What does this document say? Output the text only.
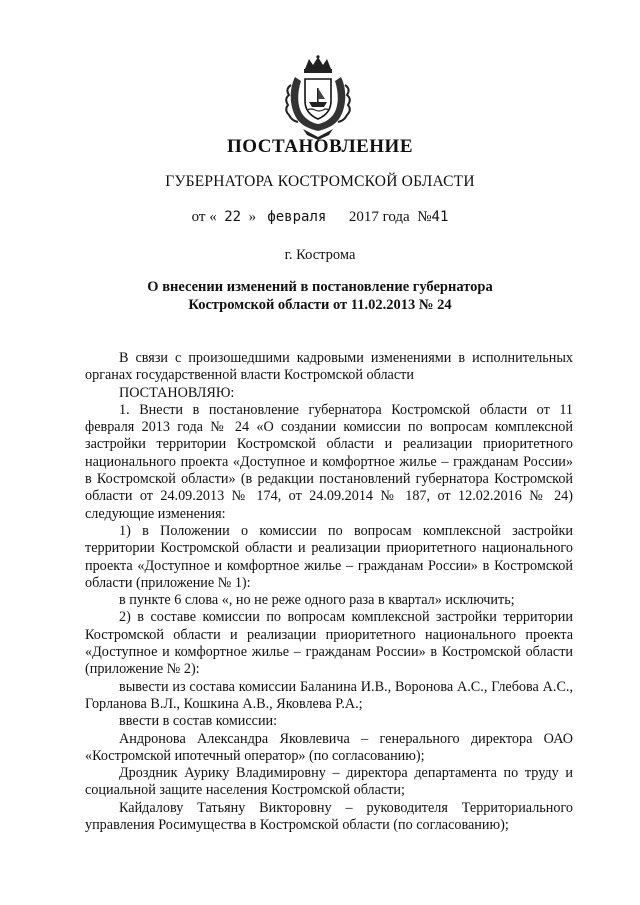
ПОСТАНОВЛЕНИЕ
ГУБЕРНАТОРА КОСТРОМСКОЙ ОБЛАСТИ
от « 22 » февраля 2017 года №41
г. Кострома
О внесении изменений в постановление губернатора
Костромской области от 11.02.2013 № 24

В связи с произошедшими кадровыми изменениями в исполнительных органах государственной власти Костромской области

ПОСТАНОВЛЯЮ:

1. Внести в постановление губернатора Костромской области от 11 февраля 2013 года № 24 «О создании комиссии по вопросам комплексной застройки территории Костромской области и реализации приоритетного национального проекта «Доступное и комфортное жилье – гражданам России» в Костромской области» (в редакции постановлений губернатора Костромской области от 24.09.2013 № 174, от 24.09.2014 № 187, от 12.02.2016 № 24) следующие изменения:

1) в Положении о комиссии по вопросам комплексной застройки территории Костромской области и реализации приоритетного национального проекта «Доступное и комфортное жилье – гражданам России» в Костромской области (приложение № 1):

в пункте 6 слова «, но не реже одного раза в квартал» исключить;

2) в составе комиссии по вопросам комплексной застройки территории Костромской области и реализации приоритетного национального проекта «Доступное и комфортное жилье – гражданам России» в Костромской области (приложение № 2):

вывести из состава комиссии Баланина И.В., Воронова А.С., Глебова А.С., Горланова В.Л., Кошкина А.В., Яковлева Р.А.;

ввести в состав комиссии:

Андронова Александра Яковлевича – генерального директора ОАО «Костромской ипотечный оператор» (по согласованию);

Дроздник Аурику Владимировну – директора департамента по труду и социальной защите населения Костромской области;

Кайдалову Татьяну Викторовну – руководителя Территориального управления Росимущества в Костромской области (по согласованию);
